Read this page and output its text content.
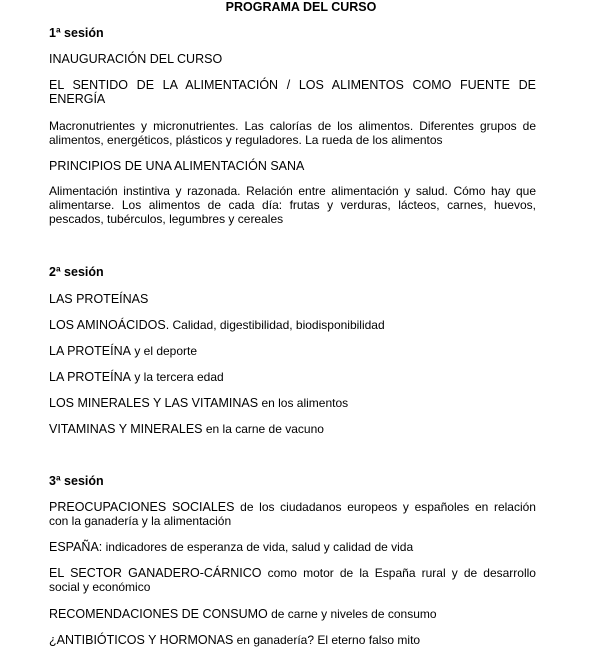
PROGRAMA DEL CURSO
1ª sesión
INAUGURACIÓN DEL CURSO
EL SENTIDO DE LA ALIMENTACIÓN / LOS ALIMENTOS COMO FUENTE DE ENERGÍA
Macronutrientes y micronutrientes. Las calorías de los alimentos. Diferentes grupos de alimentos, energéticos, plásticos y reguladores. La rueda de los alimentos
PRINCIPIOS DE UNA ALIMENTACIÓN SANA
Alimentación instintiva y razonada. Relación entre alimentación y salud. Cómo hay que alimentarse. Los alimentos de cada día: frutas y verduras, lácteos, carnes, huevos, pescados, tubérculos, legumbres y cereales
2ª sesión
LAS PROTEÍNAS
LOS AMINOÁCIDOS. Calidad, digestibilidad, biodisponibilidad
LA PROTEÍNA y el deporte
LA PROTEÍNA y la tercera edad
LOS MINERALES Y LAS VITAMINAS en los alimentos
VITAMINAS Y MINERALES en la carne de vacuno
3ª sesión
PREOCUPACIONES SOCIALES de los ciudadanos europeos y españoles en relación con la ganadería y la alimentación
ESPAÑA: indicadores de esperanza de vida, salud y calidad de vida
EL SECTOR GANADERO-CÁRNICO como motor de la España rural y de desarrollo social y económico
RECOMENDACIONES DE CONSUMO de carne y niveles de consumo
¿ANTIBIÓTICOS Y HORMONAS en ganadería? El eterno falso mito
